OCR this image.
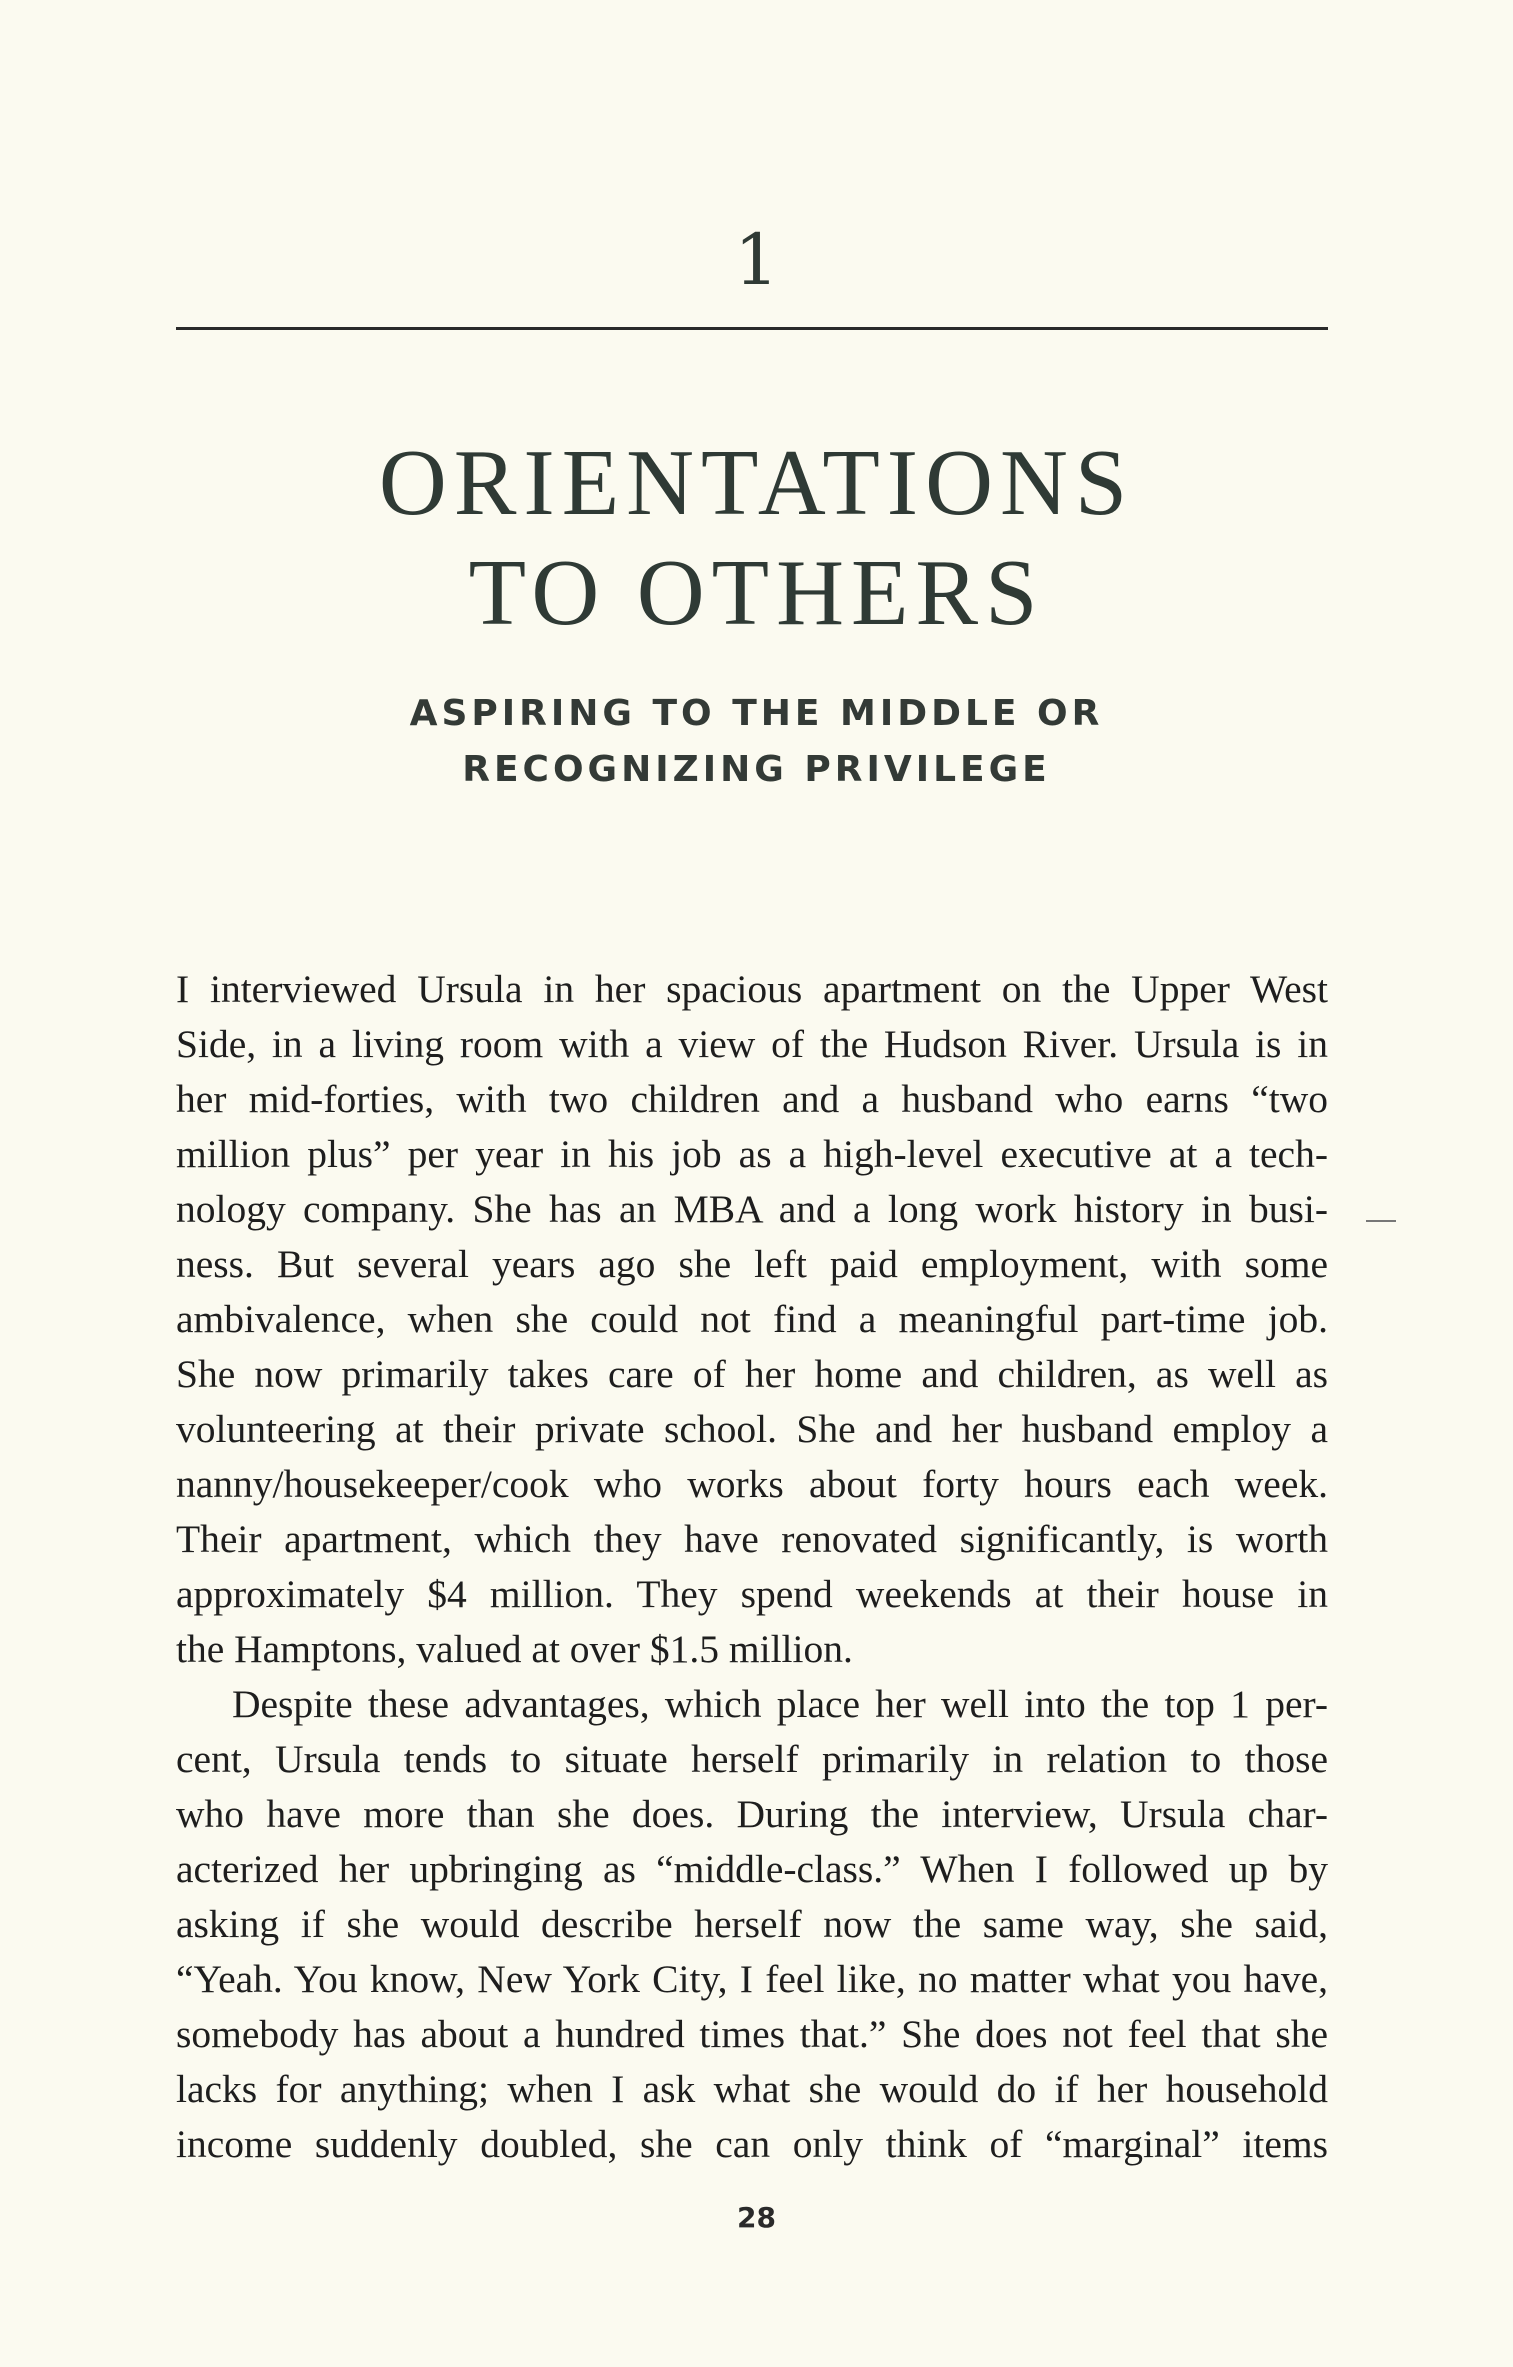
1
ORIENTATIONS
TO OTHERS
ASPIRING TO THE MIDDLE OR
RECOGNIZING PRIVILEGE
I interviewed Ursula in her spacious apartment on the Upper West
Side, in a living room with a view of the Hudson River. Ursula is in
her mid-forties, with two children and a husband who earns “two
million plus” per year in his job as a high-level executive at a tech-
nology company. She has an MBA and a long work history in busi-
ness. But several years ago she left paid employment, with some
ambivalence, when she could not find a meaningful part-time job.
She now primarily takes care of her home and children, as well as
volunteering at their private school. She and her husband employ a
nanny/housekeeper/cook who works about forty hours each week.
Their apartment, which they have renovated significantly, is worth
approximately $4 million. They spend weekends at their house in
the Hamptons, valued at over $1.5 million.
Despite these advantages, which place her well into the top 1 per-
cent, Ursula tends to situate herself primarily in relation to those
who have more than she does. During the interview, Ursula char-
acterized her upbringing as “middle-class.” When I followed up by
asking if she would describe herself now the same way, she said,
“Yeah. You know, New York City, I feel like, no matter what you have,
somebody has about a hundred times that.” She does not feel that she
lacks for anything; when I ask what she would do if her household
income suddenly doubled, she can only think of “marginal” items
28
